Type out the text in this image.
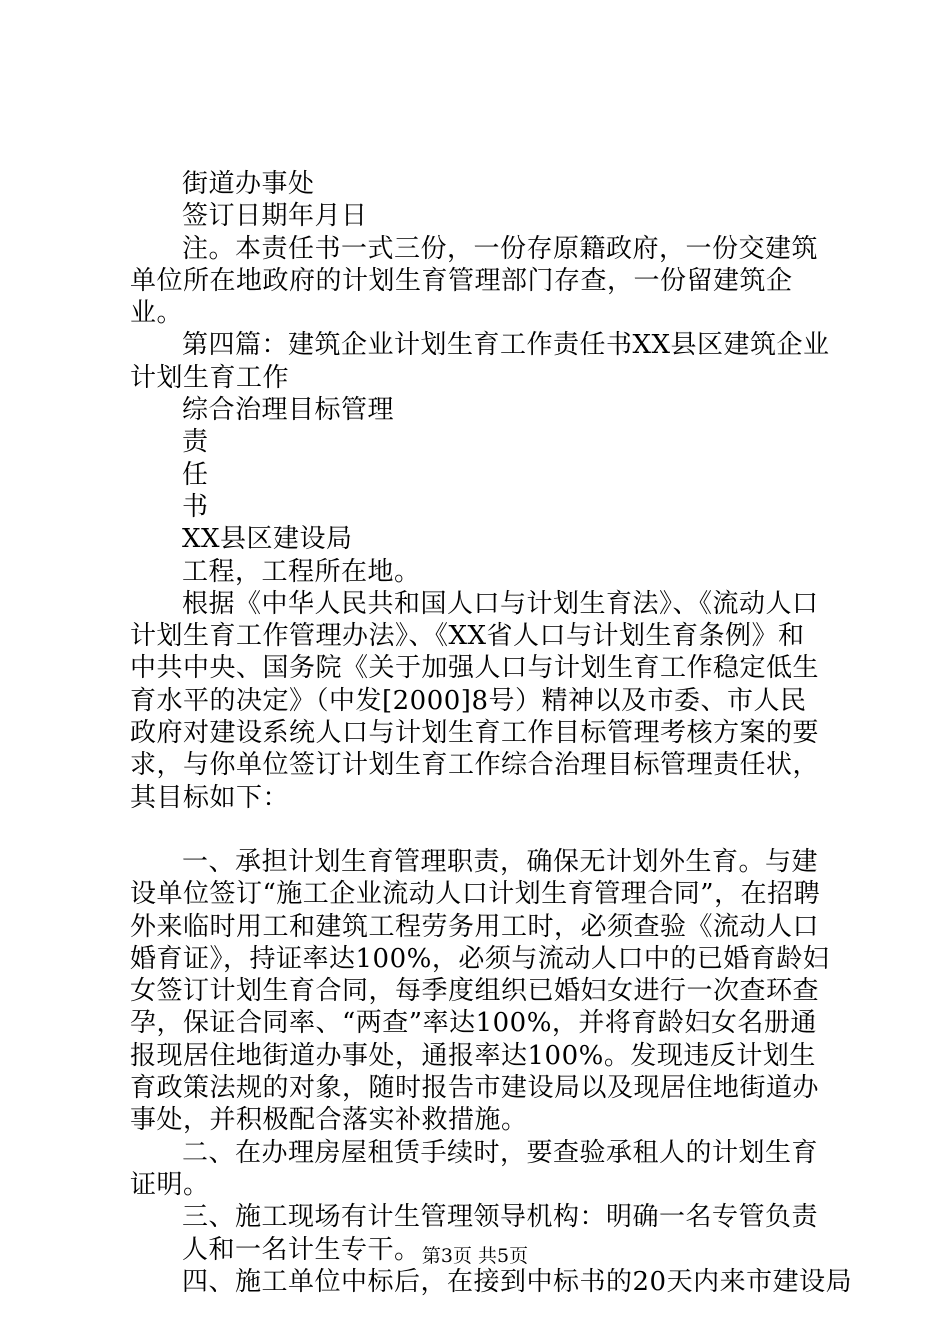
街道办事处

签订日期年月日

注。本责任书一式三份，一份存原籍政府，一份交建筑单位所在地政府的计划生育管理部门存查，一份留建筑企业。

第四篇：建筑企业计划生育工作责任书XX县区建筑企业计划生育工作

综合治理目标管理

责

任

书

XX县区建设局

工程，工程所在地。

根据《中华人民共和国人口与计划生育法》、《流动人口计划生育工作管理办法》、《XX省人口与计划生育条例》和中共中央、国务院《关于加强人口与计划生育工作稳定低生育水平的决定》（中发[2000]8号）精神以及市委、市人民政府对建设系统人口与计划生育工作目标管理考核方案的要求，与你单位签订计划生育工作综合治理目标管理责任状，其目标如下：

一、承担计划生育管理职责，确保无计划外生育。与建设单位签订“施工企业流动人口计划生育管理合同”，在招聘外来临时用工和建筑工程劳务用工时，必须查验《流动人口婚育证》，持证率达100%，必须与流动人口中的已婚育龄妇女签订计划生育合同，每季度组织已婚妇女进行一次查环查孕，保证合同率、“两查”率达100%，并将育龄妇女名册通报现居住地街道办事处，通报率达100%。发现违反计划生育政策法规的对象，随时报告市建设局以及现居住地街道办事处，并积极配合落实补救措施。

二、在办理房屋租赁手续时，要查验承租人的计划生育证明。

三、施工现场有计生管理领导机构：明确一名专管负责

人和一名计生专干。

四、施工单位中标后，在接到中标书的20天内来市建设局

第3页 共5页
